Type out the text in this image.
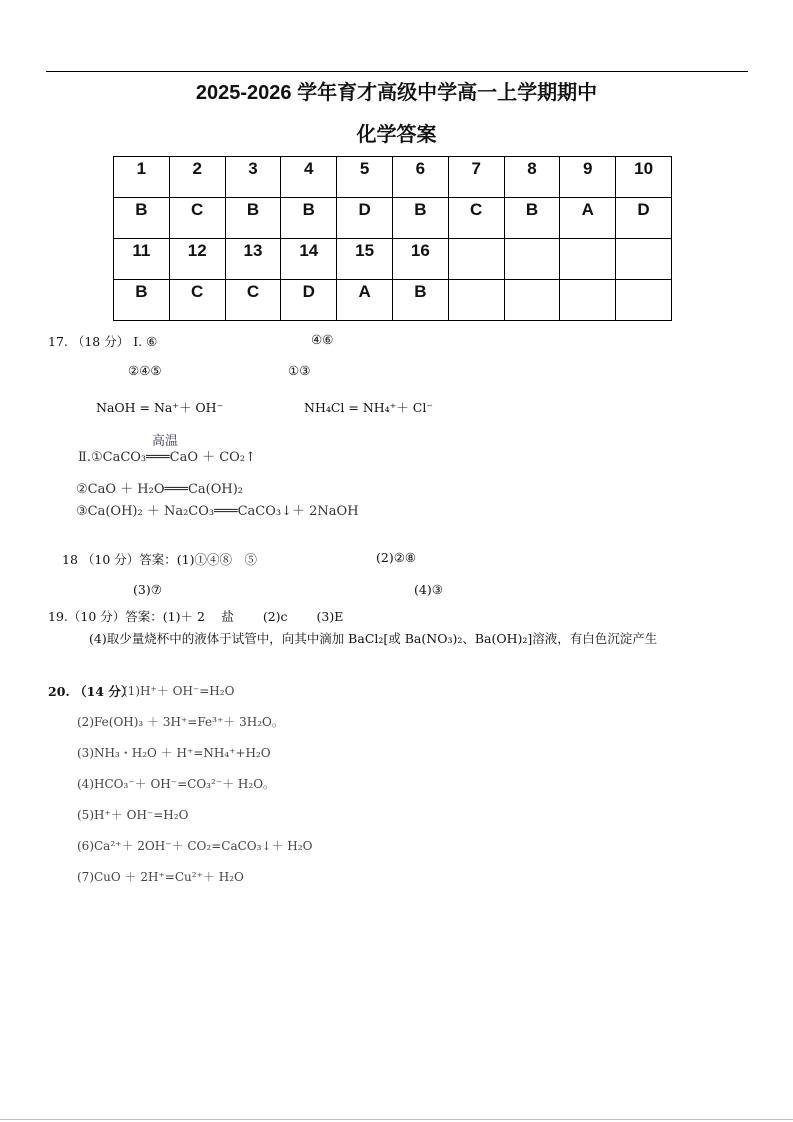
2025-2026 学年育才高级中学高一上学期期中
化学答案
1	2	3	4	5	6	7	8	9	10
B	C	B	B	D	B	C	B	A	D
11	12	13	14	15	16				
B	C	C	D	A	B				
17. （18 分） Ⅰ. ⑥	④⑥
②④⑤	①③
NaOH = Na⁺＋ OH⁻	NH₄Cl = NH₄⁺＋ Cl⁻
高温
Ⅱ.①CaCO₃═══CaO ＋ CO₂↑
②CaO ＋ H₂O═══Ca(OH)₂
③Ca(OH)₂ ＋ Na₂CO₃═══CaCO₃↓＋ 2NaOH
18 （10 分）答案：(1)①④⑧　⑤	(2)②⑧
(3)⑦	(4)③
19.（10 分）答案：(1)＋ 2　 盐　　 (2)c　　 (3)E
(4)取少量烧杯中的液体于试管中，向其中滴加 BaCl₂[或 Ba(NO₃)₂、Ba(OH)₂]溶液，有白色沉淀产生
20. （14 分）
(1)H⁺＋ OH⁻=H₂O
(2)Fe(OH)₃ ＋ 3H⁺=Fe³⁺＋ 3H₂O。
(3)NH₃・H₂O ＋ H⁺=NH₄⁺+H₂O
(4)HCO₃⁻＋ OH⁻=CO₃²⁻＋ H₂O。
(5)H⁺＋ OH⁻=H₂O
(6)Ca²⁺＋ 2OH⁻＋ CO₂=CaCO₃↓＋ H₂O
(7)CuO ＋ 2H⁺=Cu²⁺＋ H₂O
